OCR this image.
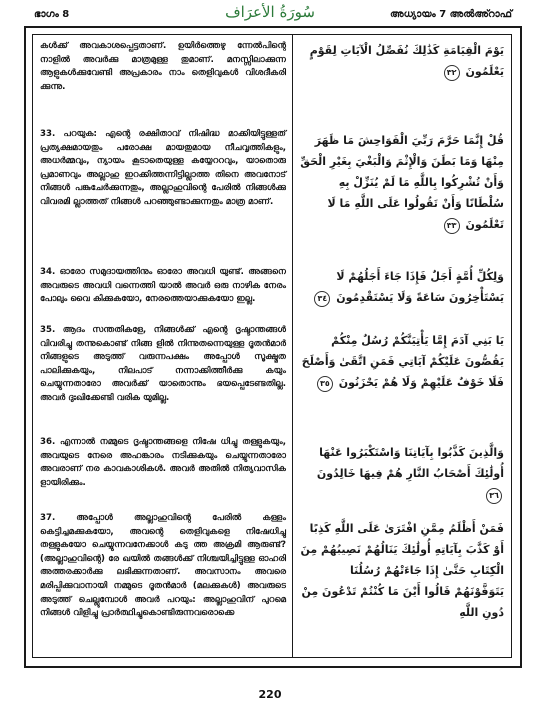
ഭാഗം 8	سُورَةُ الأعرَاف	അധ്യായം 7 അൽഅ്റാഫ്
കൾക്ക് അവകാശപ്പെട്ടതാണ്. ഉയിർത്തെഴു ന്നേൽപിന്റെ നാളിൽ അവർക്കു മാത്രമുള്ള തുമാണ്. മനസ്സിലാക്കുന്ന ആളുകൾക്കുവേണ്ടി അപ്രകാരം നാം തെളിവുകൾ വിശദീകരി ക്കുന്നു.
33. പറയുക: എന്റെ രക്ഷിതാവ് നിഷിദ്ധ മാക്കിയിട്ടുള്ളത് പ്രത്യക്ഷമായതും പരോക്ഷ മായതുമായ നീചവൃത്തികളും, അധർമ്മവും, ന്യായം കൂടാതെയുള്ള കയ്യേററവും, യാതൊരു പ്രമാണവും അല്ലാഹു ഇറക്കിത്തന്നിട്ടില്ലാത്ത തിനെ അവനോട് നിങ്ങൾ പങ്കുചേർക്കുന്നതും, അല്ലാഹുവിന്റെ പേരിൽ നിങ്ങൾക്കു വിവരമി ല്ലാത്തത് നിങ്ങൾ പറഞ്ഞുണ്ടാക്കുന്നതും മാത്ര മാണ്.
34. ഓരോ സമുദായത്തിനും ഓരോ അവധി യുണ്ട്. അങ്ങനെ അവരുടെ അവധി വന്നെത്തി യാൽ അവർ ഒരു നാഴിക നേരം പോലും വൈ കിക്കുകയോ, നേരത്തെയാക്കുകയോ ഇല്ല.
35. ആദം സന്തതികളേ, നിങ്ങൾക്ക് എന്റെ ദൃഷ്ടാന്തങ്ങൾ വിവരിച്ചു തന്നുകൊണ്ട് നിങ്ങ ളിൽ നിന്നുതന്നെയുള്ള ദൂതൻമാർ നിങ്ങളുടെ അടുത്ത് വരുന്നപക്ഷം അപ്പോൾ സൂക്ഷ്മത പാലിക്കുകയും, നിലപാട് നന്നാക്കിത്തീർക്കു കയും ചെയ്യുന്നതാരോ അവർക്ക് യാതൊന്നും ഭയപ്പെടേണ്ടതില്ല. അവർ ദുഃഖിക്കേണ്ടി വരിക യുമില്ല.
36. എന്നാൽ നമ്മുടെ ദൃഷ്ടാന്തങ്ങളെ നിഷേ ധിച്ചു തള്ളുകയും, അവയുടെ നേരെ അഹങ്കാരം നടിക്കുകയും ചെയ്യുന്നതാരോ അവരാണ് നര കാവകാശികൾ. അവർ അതിൽ നിത്യവാസിക ളായിരിക്കും.
37. അപ്പോൾ അല്ലാഹുവിന്റെ പേരിൽ കള്ളം കെട്ടിച്ചമക്കുകയോ, അവന്റെ തെളിവുകളെ നിഷേധിച്ചു തള്ളുകയോ ചെയ്യുന്നവനേക്കാൾ കടു ത്ത അക്രമി ആരുണ്ട്? (അല്ലാഹുവിന്റെ) രേ ഖയിൽ തങ്ങൾക്ക് നിശ്ചയിച്ചിട്ടുള്ള ഓഹരി അത്തരക്കാർക്കു ലഭിക്കുന്നതാണ്. അവസാനം അവരെ മരിപ്പിക്കുവാനായി നമ്മുടെ ദൂതൻമാർ (മലക്കുകൾ) അവരുടെ അടുത്ത് ചെല്ലുമ്പോൾ അവർ പറയും: അല്ലാഹുവിന് പുറമെ നിങ്ങൾ വിളിച്ചു പ്രാർത്ഥിച്ചുകൊണ്ടിരുന്നവരൊക്കെ
يَوْمَ الْقِيَامَةِ كَذَٰلِكَ نُفَصِّلُ الْآيَاتِ لِقَوْمٍ يَعْلَمُونَ ٣٢
قُلْ إِنَّمَا حَرَّمَ رَبِّيَ الْفَوَاحِشَ مَا ظَهَرَ مِنْهَا وَمَا بَطَنَ وَالْإِثْمَ وَالْبَغْيَ بِغَيْرِ الْحَقِّ وَأَنْ تُشْرِكُوا بِاللَّهِ مَا لَمْ يُنَزِّلْ بِهِ سُلْطَانًا وَأَنْ تَقُولُوا عَلَى اللَّهِ مَا لَا تَعْلَمُونَ ٣٣
وَلِكُلِّ أُمَّةٍ أَجَلٌ فَإِذَا جَاءَ أَجَلُهُمْ لَا يَسْتَأْخِرُونَ سَاعَةً وَلَا يَسْتَقْدِمُونَ ٣٤
يَا بَنِي آدَمَ إِمَّا يَأْتِيَنَّكُمْ رُسُلٌ مِنْكُمْ يَقُصُّونَ عَلَيْكُمْ آيَاتِي فَمَنِ اتَّقَىٰ وَأَصْلَحَ فَلَا خَوْفٌ عَلَيْهِمْ وَلَا هُمْ يَحْزَنُونَ ٣٥
وَالَّذِينَ كَذَّبُوا بِآيَاتِنَا وَاسْتَكْبَرُوا عَنْهَا أُولَٰئِكَ أَصْحَابُ النَّارِ هُمْ فِيهَا خَالِدُونَ ٣٦
فَمَنْ أَظْلَمُ مِمَّنِ افْتَرَىٰ عَلَى اللَّهِ كَذِبًا أَوْ كَذَّبَ بِآيَاتِهِ أُولَٰئِكَ يَنَالُهُمْ نَصِيبُهُمْ مِنَ الْكِتَابِ حَتَّىٰ إِذَا جَاءَتْهُمْ رُسُلُنَا يَتَوَفَّوْنَهُمْ قَالُوا أَيْنَ مَا كُنْتُمْ تَدْعُونَ مِنْ دُونِ اللَّهِ
220
